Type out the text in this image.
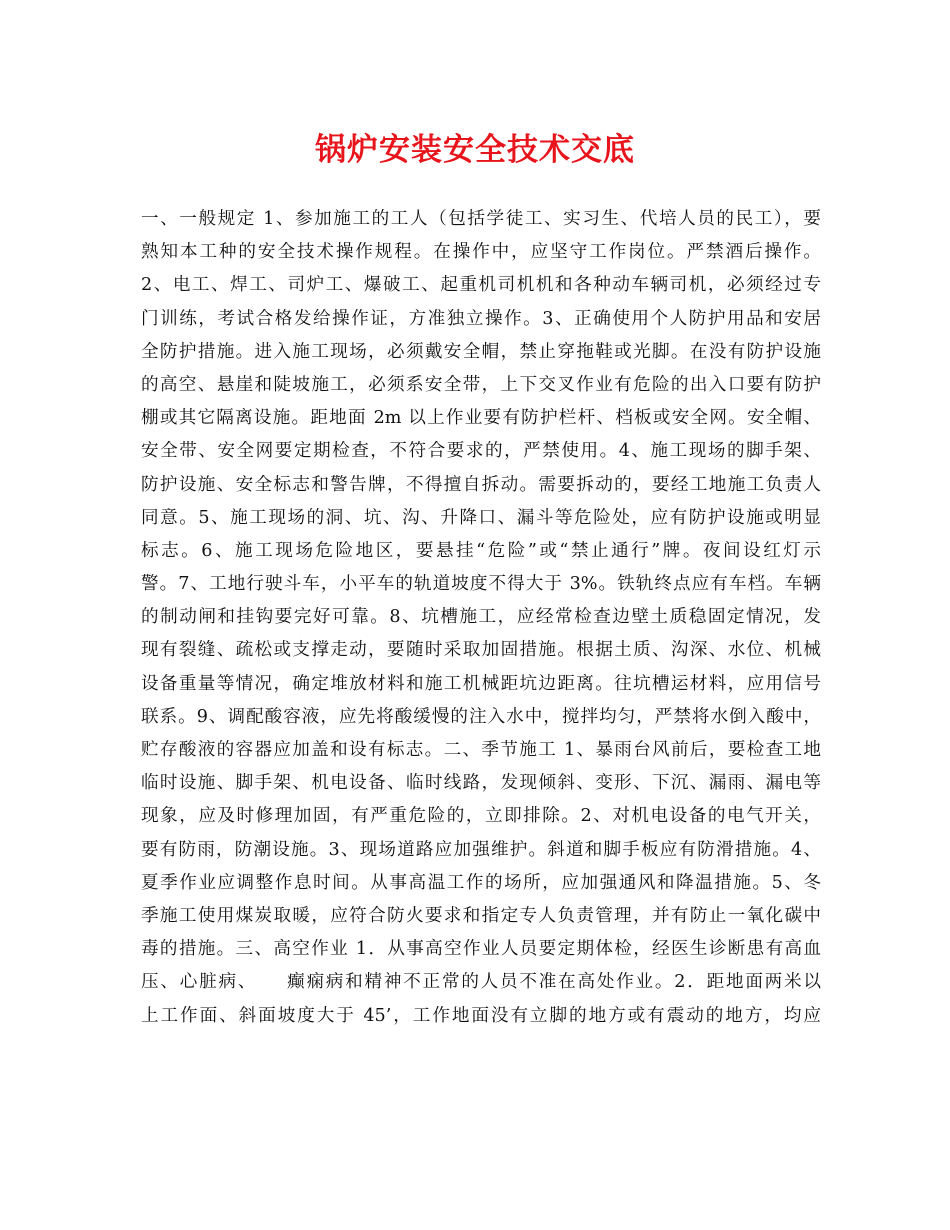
锅炉安装安全技术交底
一、一般规定 1、参加施工的工人（包括学徒工、实习生、代培人员的民工），要
熟知本工种的安全技术操作规程。在操作中，应坚守工作岗位。严禁酒后操作。
2、电工、焊工、司炉工、爆破工、起重机司机机和各种动车辆司机，必须经过专
门训练，考试合格发给操作证，方准独立操作。3、正确使用个人防护用品和安居
全防护措施。进入施工现场，必须戴安全帽，禁止穿拖鞋或光脚。在没有防护设施
的高空、悬崖和陡坡施工，必须系安全带，上下交叉作业有危险的出入口要有防护
棚或其它隔离设施。距地面 2m 以上作业要有防护栏杆、档板或安全网。安全帽、
安全带、安全网要定期检查，不符合要求的，严禁使用。4、施工现场的脚手架、
防护设施、安全标志和警告牌，不得擅自拆动。需要拆动的，要经工地施工负责人
同意。5、施工现场的洞、坑、沟、升降口、漏斗等危险处，应有防护设施或明显
标志。6、施工现场危险地区，要悬挂“危险”或“禁止通行”牌。夜间设红灯示
警。7、工地行驶斗车，小平车的轨道坡度不得大于 3%。铁轨终点应有车档。车辆
的制动闸和挂钩要完好可靠。8、坑槽施工，应经常检查边壁土质稳固定情况，发
现有裂缝、疏松或支撑走动，要随时采取加固措施。根据土质、沟深、水位、机械
设备重量等情况，确定堆放材料和施工机械距坑边距离。往坑槽运材料，应用信号
联系。9、调配酸容液，应先将酸缓慢的注入水中，搅拌均匀，严禁将水倒入酸中，
贮存酸液的容器应加盖和设有标志。二、季节施工 1、暴雨台风前后，要检查工地
临时设施、脚手架、机电设备、临时线路，发现倾斜、变形、下沉、漏雨、漏电等
现象，应及时修理加固，有严重危险的，立即排除。2、对机电设备的电气开关，
要有防雨，防潮设施。3、现场道路应加强维护。斜道和脚手板应有防滑措施。4、
夏季作业应调整作息时间。从事高温工作的场所，应加强通风和降温措施。5、冬
季施工使用煤炭取暖，应符合防火要求和指定专人负责管理，并有防止一氧化碳中
毒的措施。三、高空作业 1．从事高空作业人员要定期体检，经医生诊断患有高血
压、心脏病、　　癫痫病和精神不正常的人员不准在高处作业。2．距地面两米以
上工作面、斜面坡度大于 45’，工作地面没有立脚的地方或有震动的地方，均应
